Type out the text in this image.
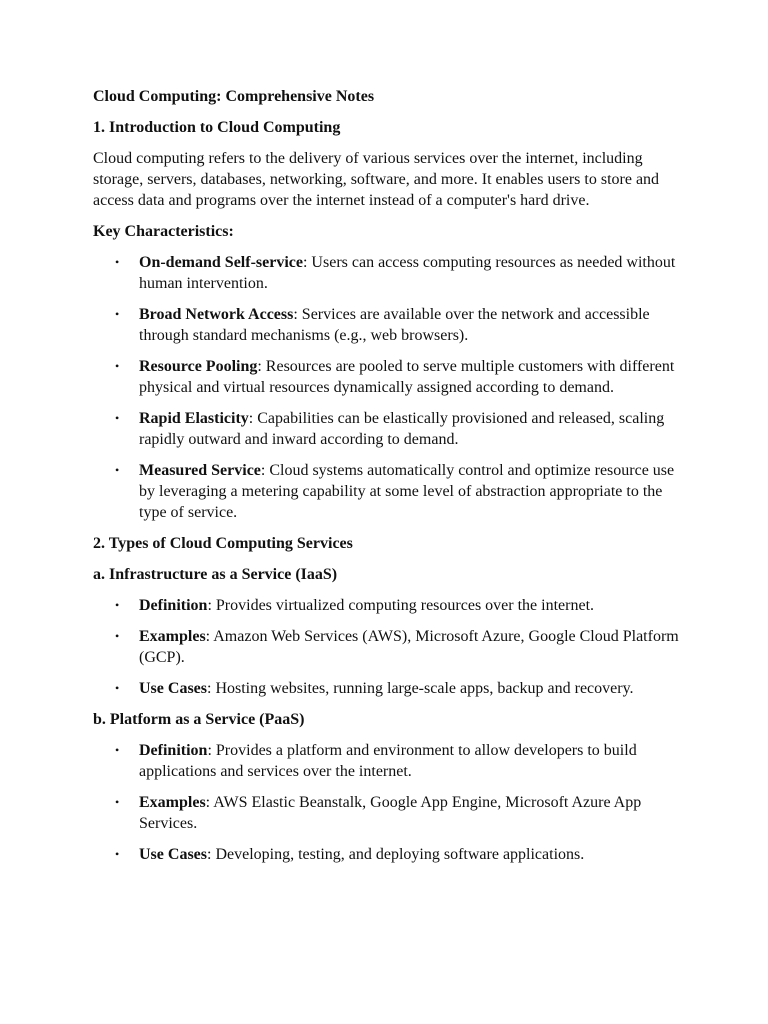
Cloud Computing: Comprehensive Notes
1. Introduction to Cloud Computing

Cloud computing refers to the delivery of various services over the internet, including storage, servers, databases, networking, software, and more. It enables users to store and access data and programs over the internet instead of a computer's hard drive.

Key Characteristics:
• On-demand Self-service: Users can access computing resources as needed without human intervention.
• Broad Network Access: Services are available over the network and accessible through standard mechanisms (e.g., web browsers).
• Resource Pooling: Resources are pooled to serve multiple customers with different physical and virtual resources dynamically assigned according to demand.
• Rapid Elasticity: Capabilities can be elastically provisioned and released, scaling rapidly outward and inward according to demand.
• Measured Service: Cloud systems automatically control and optimize resource use by leveraging a metering capability at some level of abstraction appropriate to the type of service.
2. Types of Cloud Computing Services
a. Infrastructure as a Service (IaaS)
• Definition: Provides virtualized computing resources over the internet.
• Examples: Amazon Web Services (AWS), Microsoft Azure, Google Cloud Platform (GCP).
• Use Cases: Hosting websites, running large-scale apps, backup and recovery.
b. Platform as a Service (PaaS)
• Definition: Provides a platform and environment to allow developers to build applications and services over the internet.
• Examples: AWS Elastic Beanstalk, Google App Engine, Microsoft Azure App Services.
• Use Cases: Developing, testing, and deploying software applications.
